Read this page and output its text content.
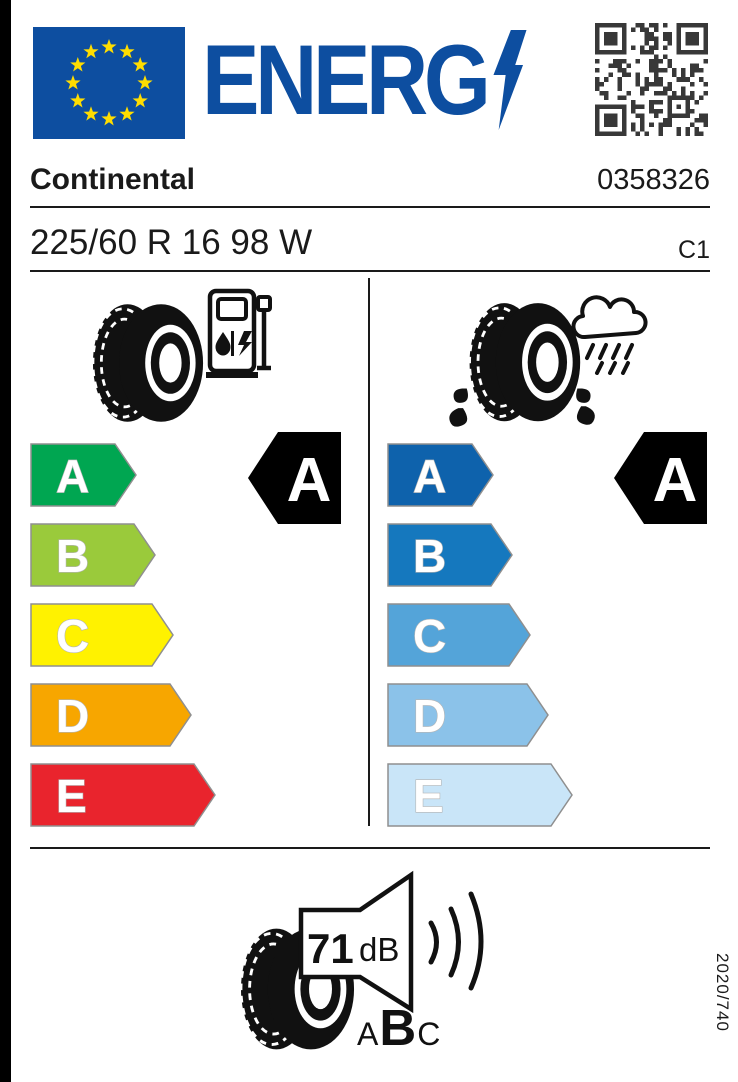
ENERG
Continental	0358326
225/60 R 16 98 W	C1
A
B
C
D
E
A
B
C
D
E
A	A
71 dB
A B C
2020/740
